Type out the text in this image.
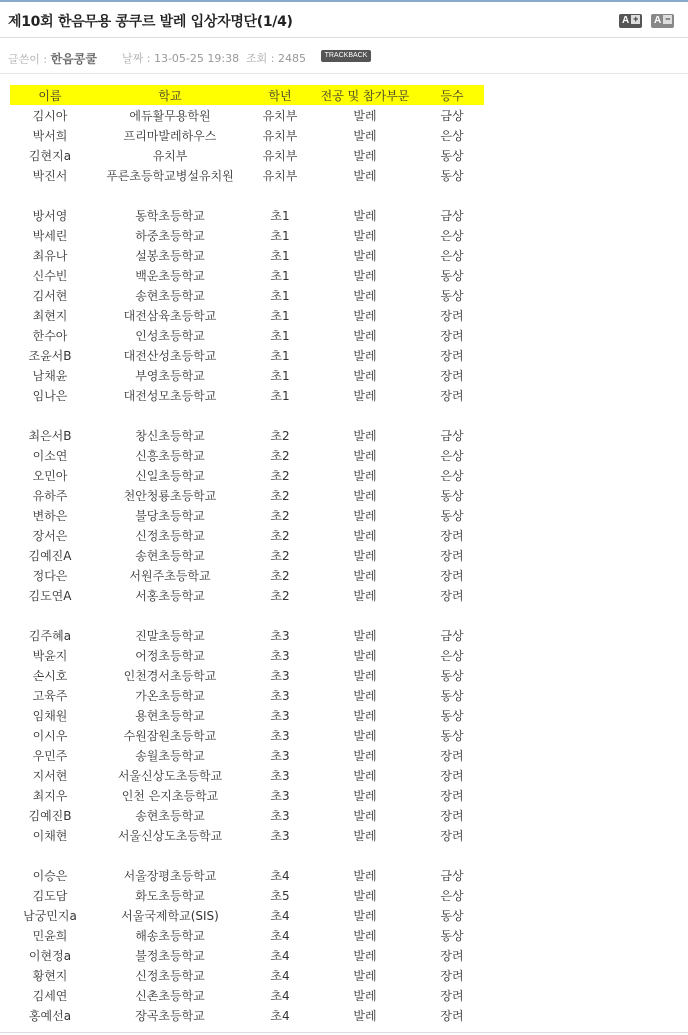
제10회 한음무용 콩쿠르 발레 입상자명단(1/4)	A +	A −
글쓴이 : 한음콩쿨 날짜 : 13-05-25 19:38 조회 : 2485	TRACKBACK
이름	학교	학년	전공 및 참가부문	등수
김시아	에듀활무용학원	유치부	발레	금상
박서희	프리마발레하우스	유치부	발레	은상
김현지a	유치부	유치부	발레	동상
박진서	푸른초등학교병설유치원	유치부	발레	동상

방서영	동학초등학교	초1	발레	금상
박세린	하중초등학교	초1	발레	은상
최유나	설봉초등학교	초1	발레	은상
신수빈	백운초등학교	초1	발레	동상
김서현	송현초등학교	초1	발레	동상
최현지	대전삼육초등학교	초1	발레	장려
한수아	인성초등학교	초1	발레	장려
조윤서B	대전산성초등학교	초1	발레	장려
남채윤	부영초등학교	초1	발레	장려
임나은	대전성모초등학교	초1	발레	장려

최은서B	창신초등학교	초2	발레	금상
이소연	신흥초등학교	초2	발레	은상
오민아	신일초등학교	초2	발레	은상
유하주	천안청룡초등학교	초2	발레	동상
변하은	불당초등학교	초2	발레	동상
장서은	신정초등학교	초2	발레	장려
김예진A	송현초등학교	초2	발레	장려
정다은	서원주초등학교	초2	발레	장려
김도연A	서홍초등학교	초2	발레	장려

김주혜a	진말초등학교	초3	발레	금상
박윤지	어정초등학교	초3	발레	은상
손시호	인천경서초등학교	초3	발레	동상
고육주	가온초등학교	초3	발레	동상
임채원	용현초등학교	초3	발레	동상
이시우	수원잠원초등학교	초3	발레	동상
우민주	송월초등학교	초3	발레	장려
지서현	서울신상도초등학교	초3	발레	장려
최지우	인천 은지초등학교	초3	발레	장려
김예진B	송현초등학교	초3	발레	장려
이채현	서울신상도초등학교	초3	발레	장려

이승은	서울장평초등학교	초4	발레	금상
김도담	화도초등학교	초5	발레	은상
남궁민지a	서울국제학교(SIS)	초4	발레	동상
민윤희	해송초등학교	초4	발레	동상
이현정a	불정초등학교	초4	발레	장려
황현지	신정초등학교	초4	발레	장려
김세연	신촌초등학교	초4	발레	장려
홍예선a	장곡초등학교	초4	발레	장려
